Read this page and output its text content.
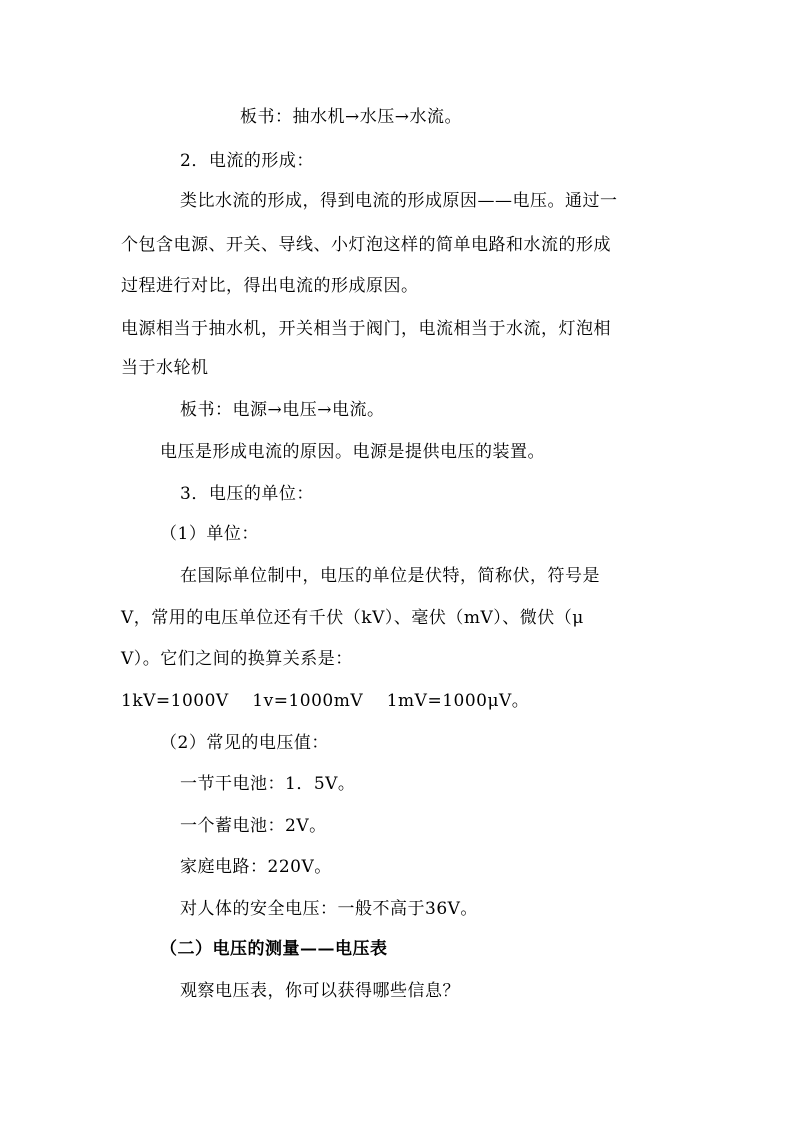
板书：抽水机→水压→水流。
2．电流的形成：
类比水流的形成，得到电流的形成原因——电压。通过一
个包含电源、开关、导线、小灯泡这样的简单电路和水流的形成
过程进行对比，得出电流的形成原因。
电源相当于抽水机，开关相当于阀门，电流相当于水流，灯泡相
当于水轮机
板书：电源→电压→电流。
电压是形成电流的原因。电源是提供电压的装置。
3．电压的单位：
（1）单位：
在国际单位制中，电压的单位是伏特，简称伏，符号是
V，常用的电压单位还有千伏（kV）、毫伏（mV）、微伏（μ
V）。它们之间的换算关系是：
1kV=1000V    1v=1000mV    1mV=1000μV。
（2）常见的电压值：
一节干电池：1．5V。
一个蓄电池：2V。
家庭电路：220V。
对人体的安全电压：一般不高于36V。
（二）电压的测量——电压表
观察电压表，你可以获得哪些信息？
